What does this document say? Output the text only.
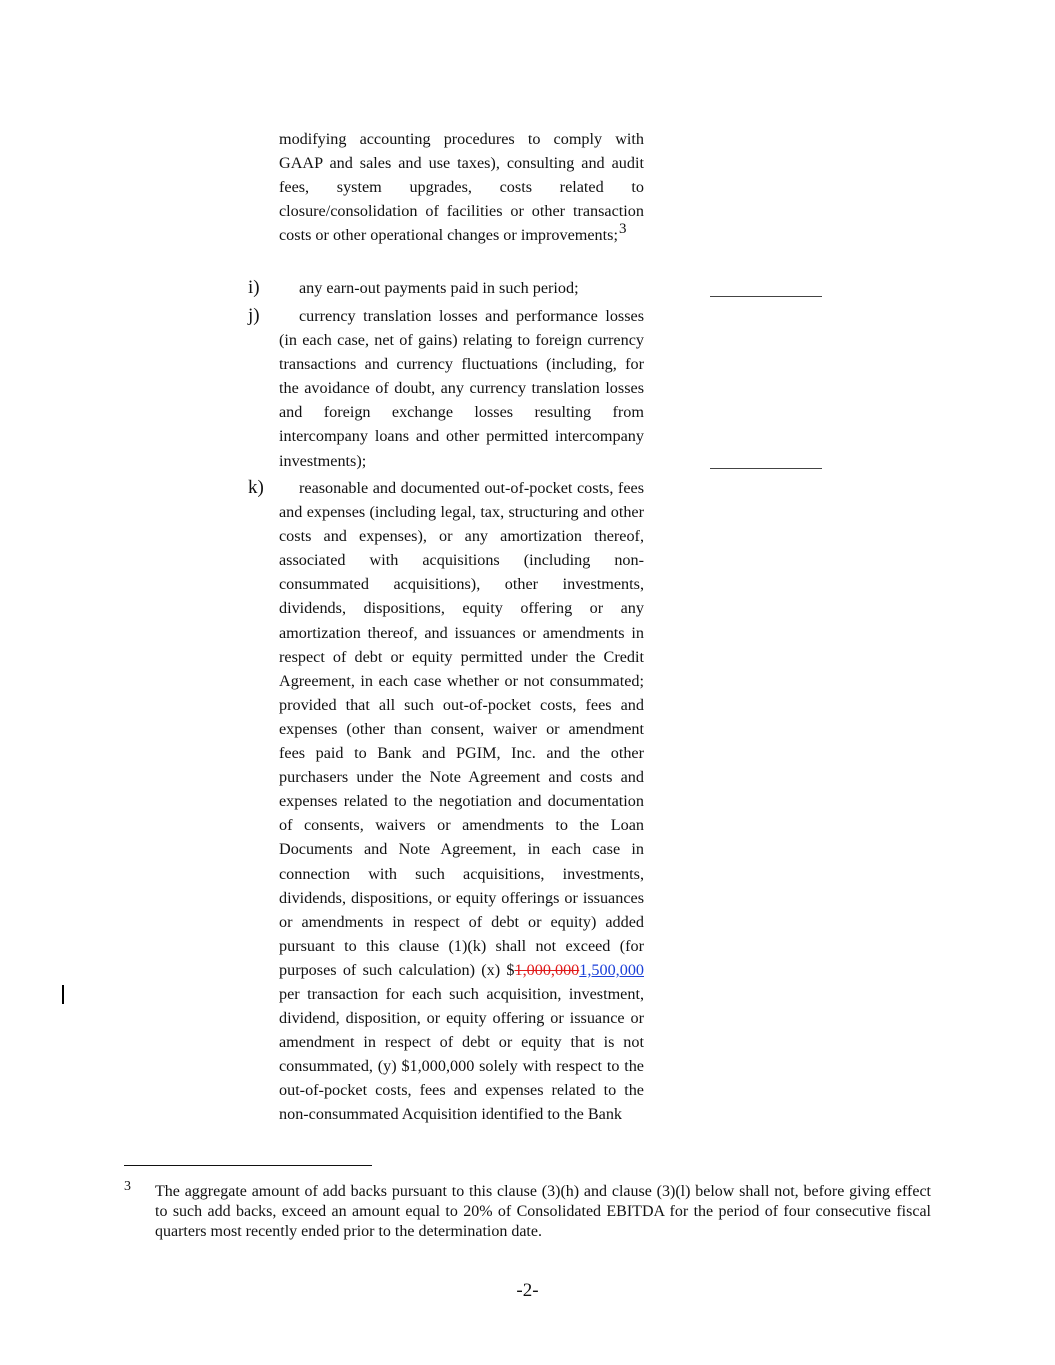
modifying accounting procedures to comply with GAAP and sales and use taxes), consulting and audit fees, system upgrades, costs related to closure/consolidation of facilities or other transaction costs or other operational changes or improvements;3
i)	any earn-out payments paid in such period;
j)	currency translation losses and performance losses (in each case, net of gains) relating to foreign currency transactions and currency fluctuations (including, for the avoidance of doubt, any currency translation losses and foreign exchange losses resulting from intercompany loans and other permitted intercompany investments);
k)	reasonable and documented out-of-pocket costs, fees and expenses (including legal, tax, structuring and other costs and expenses), or any amortization thereof, associated with acquisitions (including non-consummated acquisitions), other investments, dividends, dispositions, equity offering or any amortization thereof, and issuances or amendments in respect of debt or equity permitted under the Credit Agreement, in each case whether or not consummated; provided that all such out-of-pocket costs, fees and expenses (other than consent, waiver or amendment fees paid to Bank and PGIM, Inc. and the other purchasers under the Note Agreement and costs and expenses related to the negotiation and documentation of consents, waivers or amendments to the Loan Documents and Note Agreement, in each case in connection with such acquisitions, investments, dividends, dispositions, or equity offerings or issuances or amendments in respect of debt or equity) added pursuant to this clause (1)(k) shall not exceed (for purposes of such calculation) (x) $1,000,0001,500,000 per transaction for each such acquisition, investment, dividend, disposition, or equity offering or issuance or amendment in respect of debt or equity that is not consummated, (y) $1,000,000 solely with respect to the out-of-pocket costs, fees and expenses related to the non-consummated Acquisition identified to the Bank
3 The aggregate amount of add backs pursuant to this clause (3)(h) and clause (3)(l) below shall not, before giving effect to such add backs, exceed an amount equal to 20% of Consolidated EBITDA for the period of four consecutive fiscal quarters most recently ended prior to the determination date.
-2-
